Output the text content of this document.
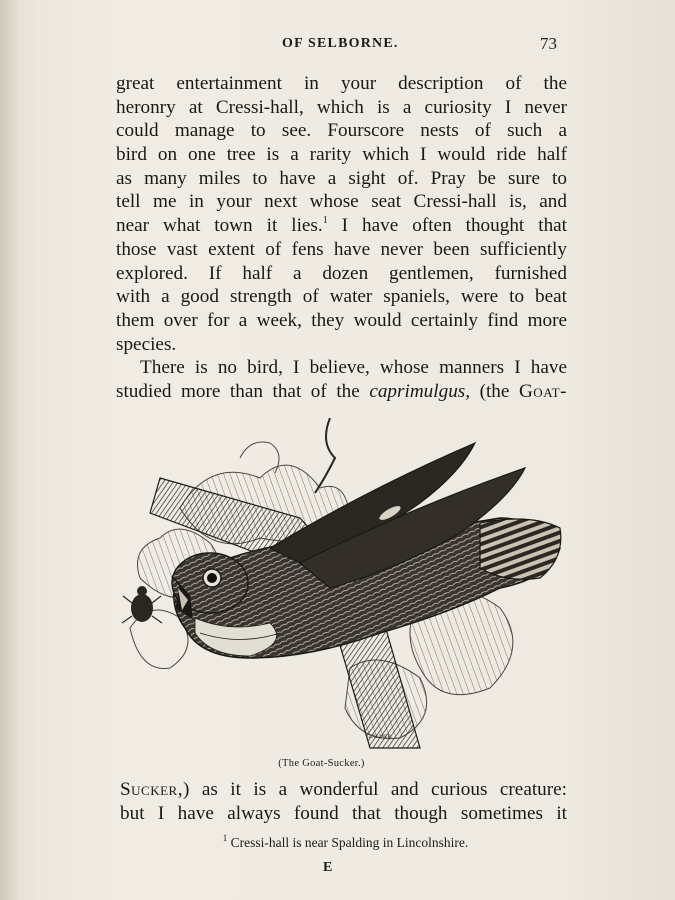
OF SELBORNE.	73
great entertainment in your description of the
heronry at Cressi-hall, which is a curiosity I never
could manage to see. Fourscore nests of such a
bird on one tree is a rarity which I would ride half
as many miles to have a sight of. Pray be sure to
tell me in your next whose seat Cressi-hall is, and
near what town it lies.$^1$ I have often thought that
those vast extent of fens have never been sufficiently
explored. If half a dozen gentlemen, furnished
with a good strength of water spaniels, were to beat
them over for a week, they would certainly find more
species.
There is no bird, I believe, whose manners I have
studied more than that of the caprimulgus, (the Goat-
GUILMER.
(The Goat-Sucker.)
Sucker,) as it is a wonderful and curious creature:
but I have always found that though sometimes it
$^1$ Cressi-hall is near Spalding in Lincolnshire.
E
